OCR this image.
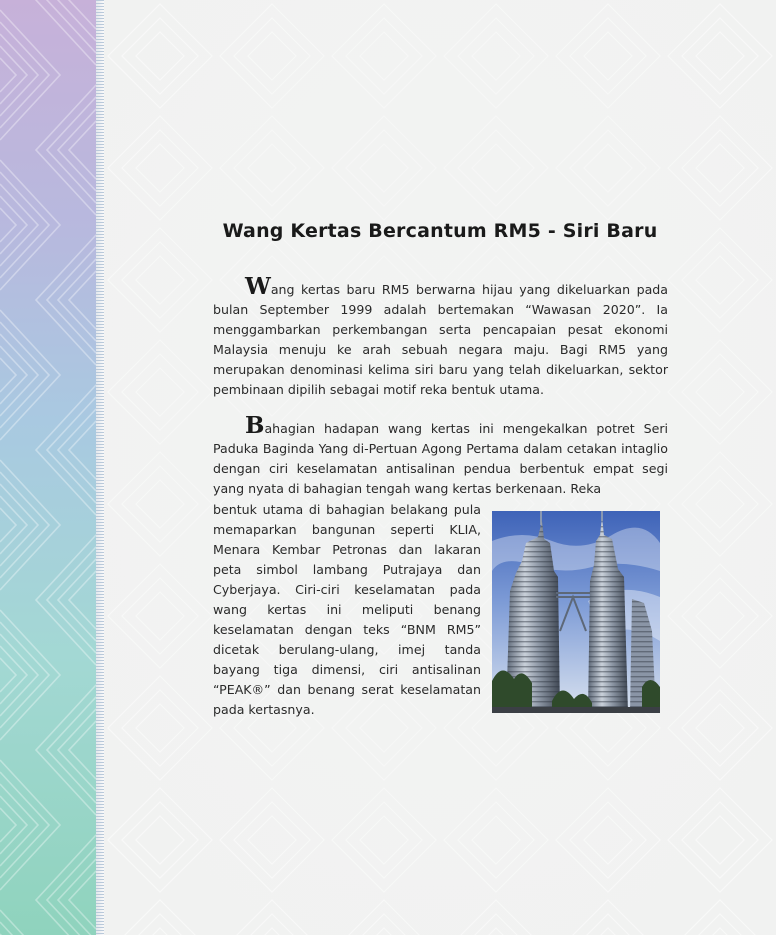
Wang Kertas Bercantum RM5 - Siri Baru

Wang kertas baru RM5 berwarna hijau yang dikeluarkan pada bulan September 1999 adalah bertemakan “Wawasan 2020”. Ia menggambarkan perkembangan serta pencapaian pesat ekonomi Malaysia menuju ke arah sebuah negara maju. Bagi RM5 yang merupakan denominasi kelima siri baru yang telah dikeluarkan, sektor pembinaan dipilih sebagai motif reka bentuk utama.

Bahagian hadapan wang kertas ini mengekalkan potret Seri Paduka Baginda Yang di-Pertuan Agong Pertama dalam cetakan intaglio dengan ciri keselamatan antisalinan pendua berbentuk empat segi yang nyata di bahagian tengah wang kertas berkenaan. Reka

bentuk utama di bahagian belakang pula memaparkan bangunan seperti KLIA, Menara Kembar Petronas dan lakaran peta simbol lambang Putrajaya dan Cyberjaya. Ciri-ciri keselamatan pada wang kertas ini meliputi benang keselamatan dengan teks “BNM RM5” dicetak berulang-ulang, imej tanda bayang tiga dimensi, ciri antisalinan “PEAK®” dan benang serat keselamatan pada kertasnya.
